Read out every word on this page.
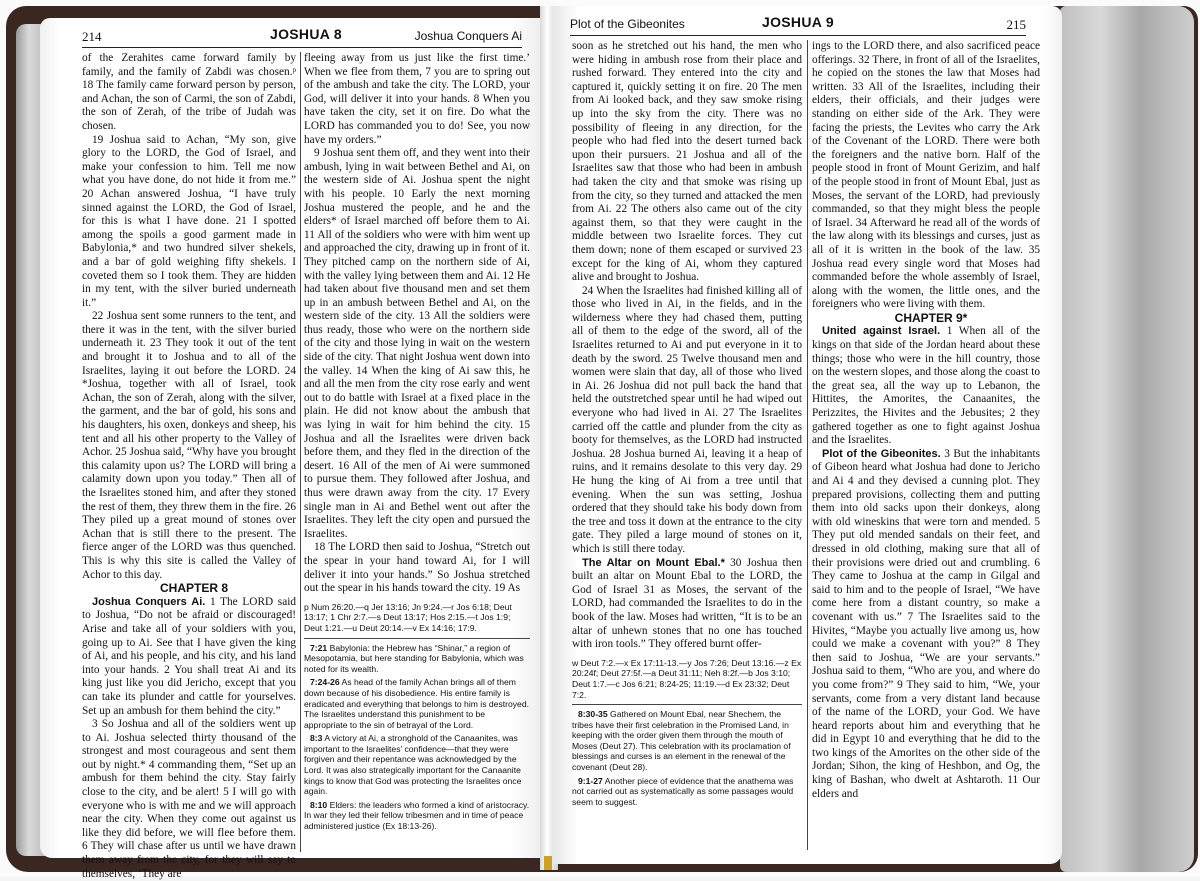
214	JOSHUA 8	Joshua Conquers Ai

of the Zerahites came forward family by family, and the family of Zabdi was chosen.ᵖ 18 The family came forward person by person, and Achan, the son of Carmi, the son of Zabdi, the son of Zerah, of the tribe of Judah was chosen.

19 Joshua said to Achan, “My son, give glory to the LORD, the God of Israel, and make your confession to him. Tell me now what you have done, do not hide it from me.” 20 Achan answered Joshua, “I have truly sinned against the LORD, the God of Israel, for this is what I have done. 21 I spotted among the spoils a good garment made in Babylonia,* and two hundred silver shekels, and a bar of gold weighing fifty shekels. I coveted them so I took them. They are hidden in my tent, with the silver buried underneath it.”

22 Joshua sent some runners to the tent, and there it was in the tent, with the silver buried underneath it. 23 They took it out of the tent and brought it to Joshua and to all of the Israelites, laying it out before the LORD. 24 *Joshua, together with all of Israel, took Achan, the son of Zerah, along with the silver, the garment, and the bar of gold, his sons and his daughters, his oxen, donkeys and sheep, his tent and all his other property to the Valley of Achor. 25 Joshua said, “Why have you brought this calamity upon us? The LORD will bring a calamity down upon you today.” Then all of the Israelites stoned him, and after they stoned the rest of them, they threw them in the fire. 26 They piled up a great mound of stones over Achan that is still there to the present. The fierce anger of the LORD was thus quenched. This is why this site is called the Valley of Achor to this day.

CHAPTER 8

Joshua Conquers Ai. 1 The LORD said to Joshua, “Do not be afraid or discouraged! Arise and take all of your soldiers with you, going up to Ai. See that I have given the king of Ai, and his people, and his city, and his land into your hands. 2 You shall treat Ai and its king just like you did Jericho, except that you can take its plunder and cattle for yourselves. Set up an ambush for them behind the city.”

3 So Joshua and all of the soldiers went up to Ai. Joshua selected thirty thousand of the strongest and most courageous and sent them out by night.* 4 commanding them, “Set up an ambush for them behind the city. Stay fairly close to the city, and be alert! 5 I will go with everyone who is with me and we will approach near the city. When they come out against us like they did before, we will flee before them. 6 They will chase after us until we have drawn them away from the city, for they will say to themselves, ‘They are

fleeing away from us just like the first time.’ When we flee from them, 7 you are to spring out of the ambush and take the city. The LORD, your God, will deliver it into your hands. 8 When you have taken the city, set it on fire. Do what the LORD has commanded you to do! See, you now have my orders.”

9 Joshua sent them off, and they went into their ambush, lying in wait between Bethel and Ai, on the western side of Ai. Joshua spent the night with his people. 10 Early the next morning Joshua mustered the people, and he and the elders* of Israel marched off before them to Ai. 11 All of the soldiers who were with him went up and approached the city, drawing up in front of it. They pitched camp on the northern side of Ai, with the valley lying between them and Ai. 12 He had taken about five thousand men and set them up in an ambush between Bethel and Ai, on the western side of the city. 13 All the soldiers were thus ready, those who were on the northern side of the city and those lying in wait on the western side of the city. That night Joshua went down into the valley. 14 When the king of Ai saw this, he and all the men from the city rose early and went out to do battle with Israel at a fixed place in the plain. He did not know about the ambush that was lying in wait for him behind the city. 15 Joshua and all the Israelites were driven back before them, and they fled in the direction of the desert. 16 All of the men of Ai were summoned to pursue them. They followed after Joshua, and thus were drawn away from the city. 17 Every single man in Ai and Bethel went out after the Israelites. They left the city open and pursued the Israelites.

18 The LORD then said to Joshua, “Stretch out the spear in your hand toward Ai, for I will deliver it into your hands.” So Joshua stretched out the spear in his hands toward the city. 19 As

p Num 26:20.—q Jer 13:16; Jn 9:24.—r Jos 6:18; Deut 13:17; 1 Chr 2:7.—s Deut 13:17; Hos 2:15.—t Jos 1:9; Deut 1:21.—u Deut 20:14.—v Ex 14:16; 17:9.

7:21 Babylonia: the Hebrew has “Shinar,” a region of Mesopotamia, but here standing for Babylonia, which was noted for its wealth.

7:24-26 As head of the family Achan brings all of them down because of his disobedience. His entire family is eradicated and everything that belongs to him is destroyed. The Israelites understand this punishment to be appropriate to the sin of betrayal of the Lord.

8:3 A victory at Ai, a stronghold of the Canaanites, was important to the Israelites’ confidence—that they were forgiven and their repentance was acknowledged by the Lord. It was also strategically important for the Canaanite kings to know that God was protecting the Israelites once again.

8:10 Elders: the leaders who formed a kind of aristocracy. In war they led their fellow tribesmen and in time of peace administered justice (Ex 18:13-26).

Plot of the Gibeonites	JOSHUA 9	215

soon as he stretched out his hand, the men who were hiding in ambush rose from their place and rushed forward. They entered into the city and captured it, quickly setting it on fire. 20 The men from Ai looked back, and they saw smoke rising up into the sky from the city. There was no possibility of fleeing in any direction, for the people who had fled into the desert turned back upon their pursuers. 21 Joshua and all of the Israelites saw that those who had been in ambush had taken the city and that smoke was rising up from the city, so they turned and attacked the men from Ai. 22 The others also came out of the city against them, so that they were caught in the middle between two Israelite forces. They cut them down; none of them escaped or survived 23 except for the king of Ai, whom they captured alive and brought to Joshua.

24 When the Israelites had finished killing all of those who lived in Ai, in the fields, and in the wilderness where they had chased them, putting all of them to the edge of the sword, all of the Israelites returned to Ai and put everyone in it to death by the sword. 25 Twelve thousand men and women were slain that day, all of those who lived in Ai. 26 Joshua did not pull back the hand that held the outstretched spear until he had wiped out everyone who had lived in Ai. 27 The Israelites carried off the cattle and plunder from the city as booty for themselves, as the LORD had instructed Joshua. 28 Joshua burned Ai, leaving it a heap of ruins, and it remains desolate to this very day. 29 He hung the king of Ai from a tree until that evening. When the sun was setting, Joshua ordered that they should take his body down from the tree and toss it down at the entrance to the city gate. They piled a large mound of stones on it, which is still there today.

The Altar on Mount Ebal.* 30 Joshua then built an altar on Mount Ebal to the LORD, the God of Israel 31 as Moses, the servant of the LORD, had commanded the Israelites to do in the book of the law. Moses had written, “It is to be an altar of unhewn stones that no one has touched with iron tools.” They offered burnt offer-

w Deut 7:2.—x Ex 17:11-13.—y Jos 7:26; Deut 13:16.—z Ex 20:24f; Deut 27:5f.—a Deut 31:11; Neh 8:2f.—b Jos 3:10; Deut 1:7.—c Jos 6:21; 8:24-25; 11:19.—d Ex 23:32; Deut 7:2.

8:30-35 Gathered on Mount Ebal, near Shechem, the tribes have their first celebration in the Promised Land, in keeping with the order given them through the mouth of Moses (Deut 27). This celebration with its proclamation of blessings and curses is an element in the renewal of the covenant (Deut 28).

9:1-27 Another piece of evidence that the anathema was not carried out as systematically as some passages would seem to suggest.

ings to the LORD there, and also sacrificed peace offerings. 32 There, in front of all of the Israelites, he copied on the stones the law that Moses had written. 33 All of the Israelites, including their elders, their officials, and their judges were standing on either side of the Ark. They were facing the priests, the Levites who carry the Ark of the Covenant of the LORD. There were both the foreigners and the native born. Half of the people stood in front of Mount Gerizim, and half of the people stood in front of Mount Ebal, just as Moses, the servant of the LORD, had previously commanded, so that they might bless the people of Israel. 34 Afterward he read all of the words of the law along with its blessings and curses, just as all of it is written in the book of the law. 35 Joshua read every single word that Moses had commanded before the whole assembly of Israel, along with the women, the little ones, and the foreigners who were living with them.

CHAPTER 9*

United against Israel. 1 When all of the kings on that side of the Jordan heard about these things; those who were in the hill country, those on the western slopes, and those along the coast to the great sea, all the way up to Lebanon, the Hittites, the Amorites, the Canaanites, the Perizzites, the Hivites and the Jebusites; 2 they gathered together as one to fight against Joshua and the Israelites.

Plot of the Gibeonites. 3 But the inhabitants of Gibeon heard what Joshua had done to Jericho and Ai 4 and they devised a cunning plot. They prepared provisions, collecting them and putting them into old sacks upon their donkeys, along with old wineskins that were torn and mended. 5 They put old mended sandals on their feet, and dressed in old clothing, making sure that all of their provisions were dried out and crumbling. 6 They came to Joshua at the camp in Gilgal and said to him and to the people of Israel, “We have come here from a distant country, so make a covenant with us.” 7 The Israelites said to the Hivites, “Maybe you actually live among us, how could we make a covenant with you?” 8 They then said to Joshua, “We are your servants.” Joshua said to them, “Who are you, and where do you come from?” 9 They said to him, “We, your servants, come from a very distant land because of the name of the LORD, your God. We have heard reports about him and everything that he did in Egypt 10 and everything that he did to the two kings of the Amorites on the other side of the Jordan; Sihon, the king of Heshbon, and Og, the king of Bashan, who dwelt at Ashtaroth. 11 Our elders and
